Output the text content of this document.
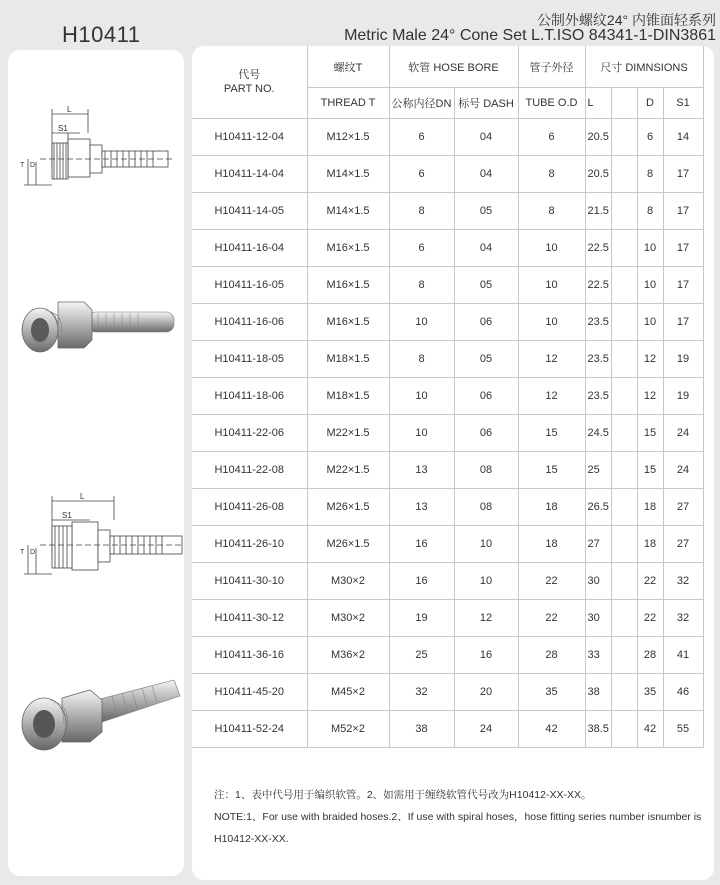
H10411
公制外螺纹24° 内锥面轻系列
Metric Male 24° Cone Set L.T.ISO 84341-1-DIN3861
L
S1
T D
L
S1
T D
代号
PART NO.	螺纹T	软管 HOSE BORE		管子外径	尺寸 DIMNSIONS			
	THREAD T	公称内径DN	标号 DASH	TUBE O.D	L		D	S1
H10411-12-04	M12×1.5	6	04	6	20.5		6	14
H10411-14-04	M14×1.5	6	04	8	20.5		8	17
H10411-14-05	M14×1.5	8	05	8	21.5		8	17
H10411-16-04	M16×1.5	6	04	10	22.5		10	17
H10411-16-05	M16×1.5	8	05	10	22.5		10	17
H10411-16-06	M16×1.5	10	06	10	23.5		10	17
H10411-18-05	M18×1.5	8	05	12	23.5		12	19
H10411-18-06	M18×1.5	10	06	12	23.5		12	19
H10411-22-06	M22×1.5	10	06	15	24.5		15	24
H10411-22-08	M22×1.5	13	08	15	25		15	24
H10411-26-08	M26×1.5	13	08	18	26.5		18	27
H10411-26-10	M26×1.5	16	10	18	27		18	27
H10411-30-10	M30×2	16	10	22	30		22	32
H10411-30-12	M30×2	19	12	22	30		22	32
H10411-36-16	M36×2	25	16	28	33		28	41
H10411-45-20	M45×2	32	20	35	38		35	46
H10411-52-24	M52×2	38	24	42	38.5		42	55
注：1、表中代号用于编织软管。2、如需用于缠绕软管代号改为H10412-XX-XX。
NOTE:1、For use with braided hoses.2、If use with spiral hoses，hose fitting series number isnumber is
H10412-XX-XX.
